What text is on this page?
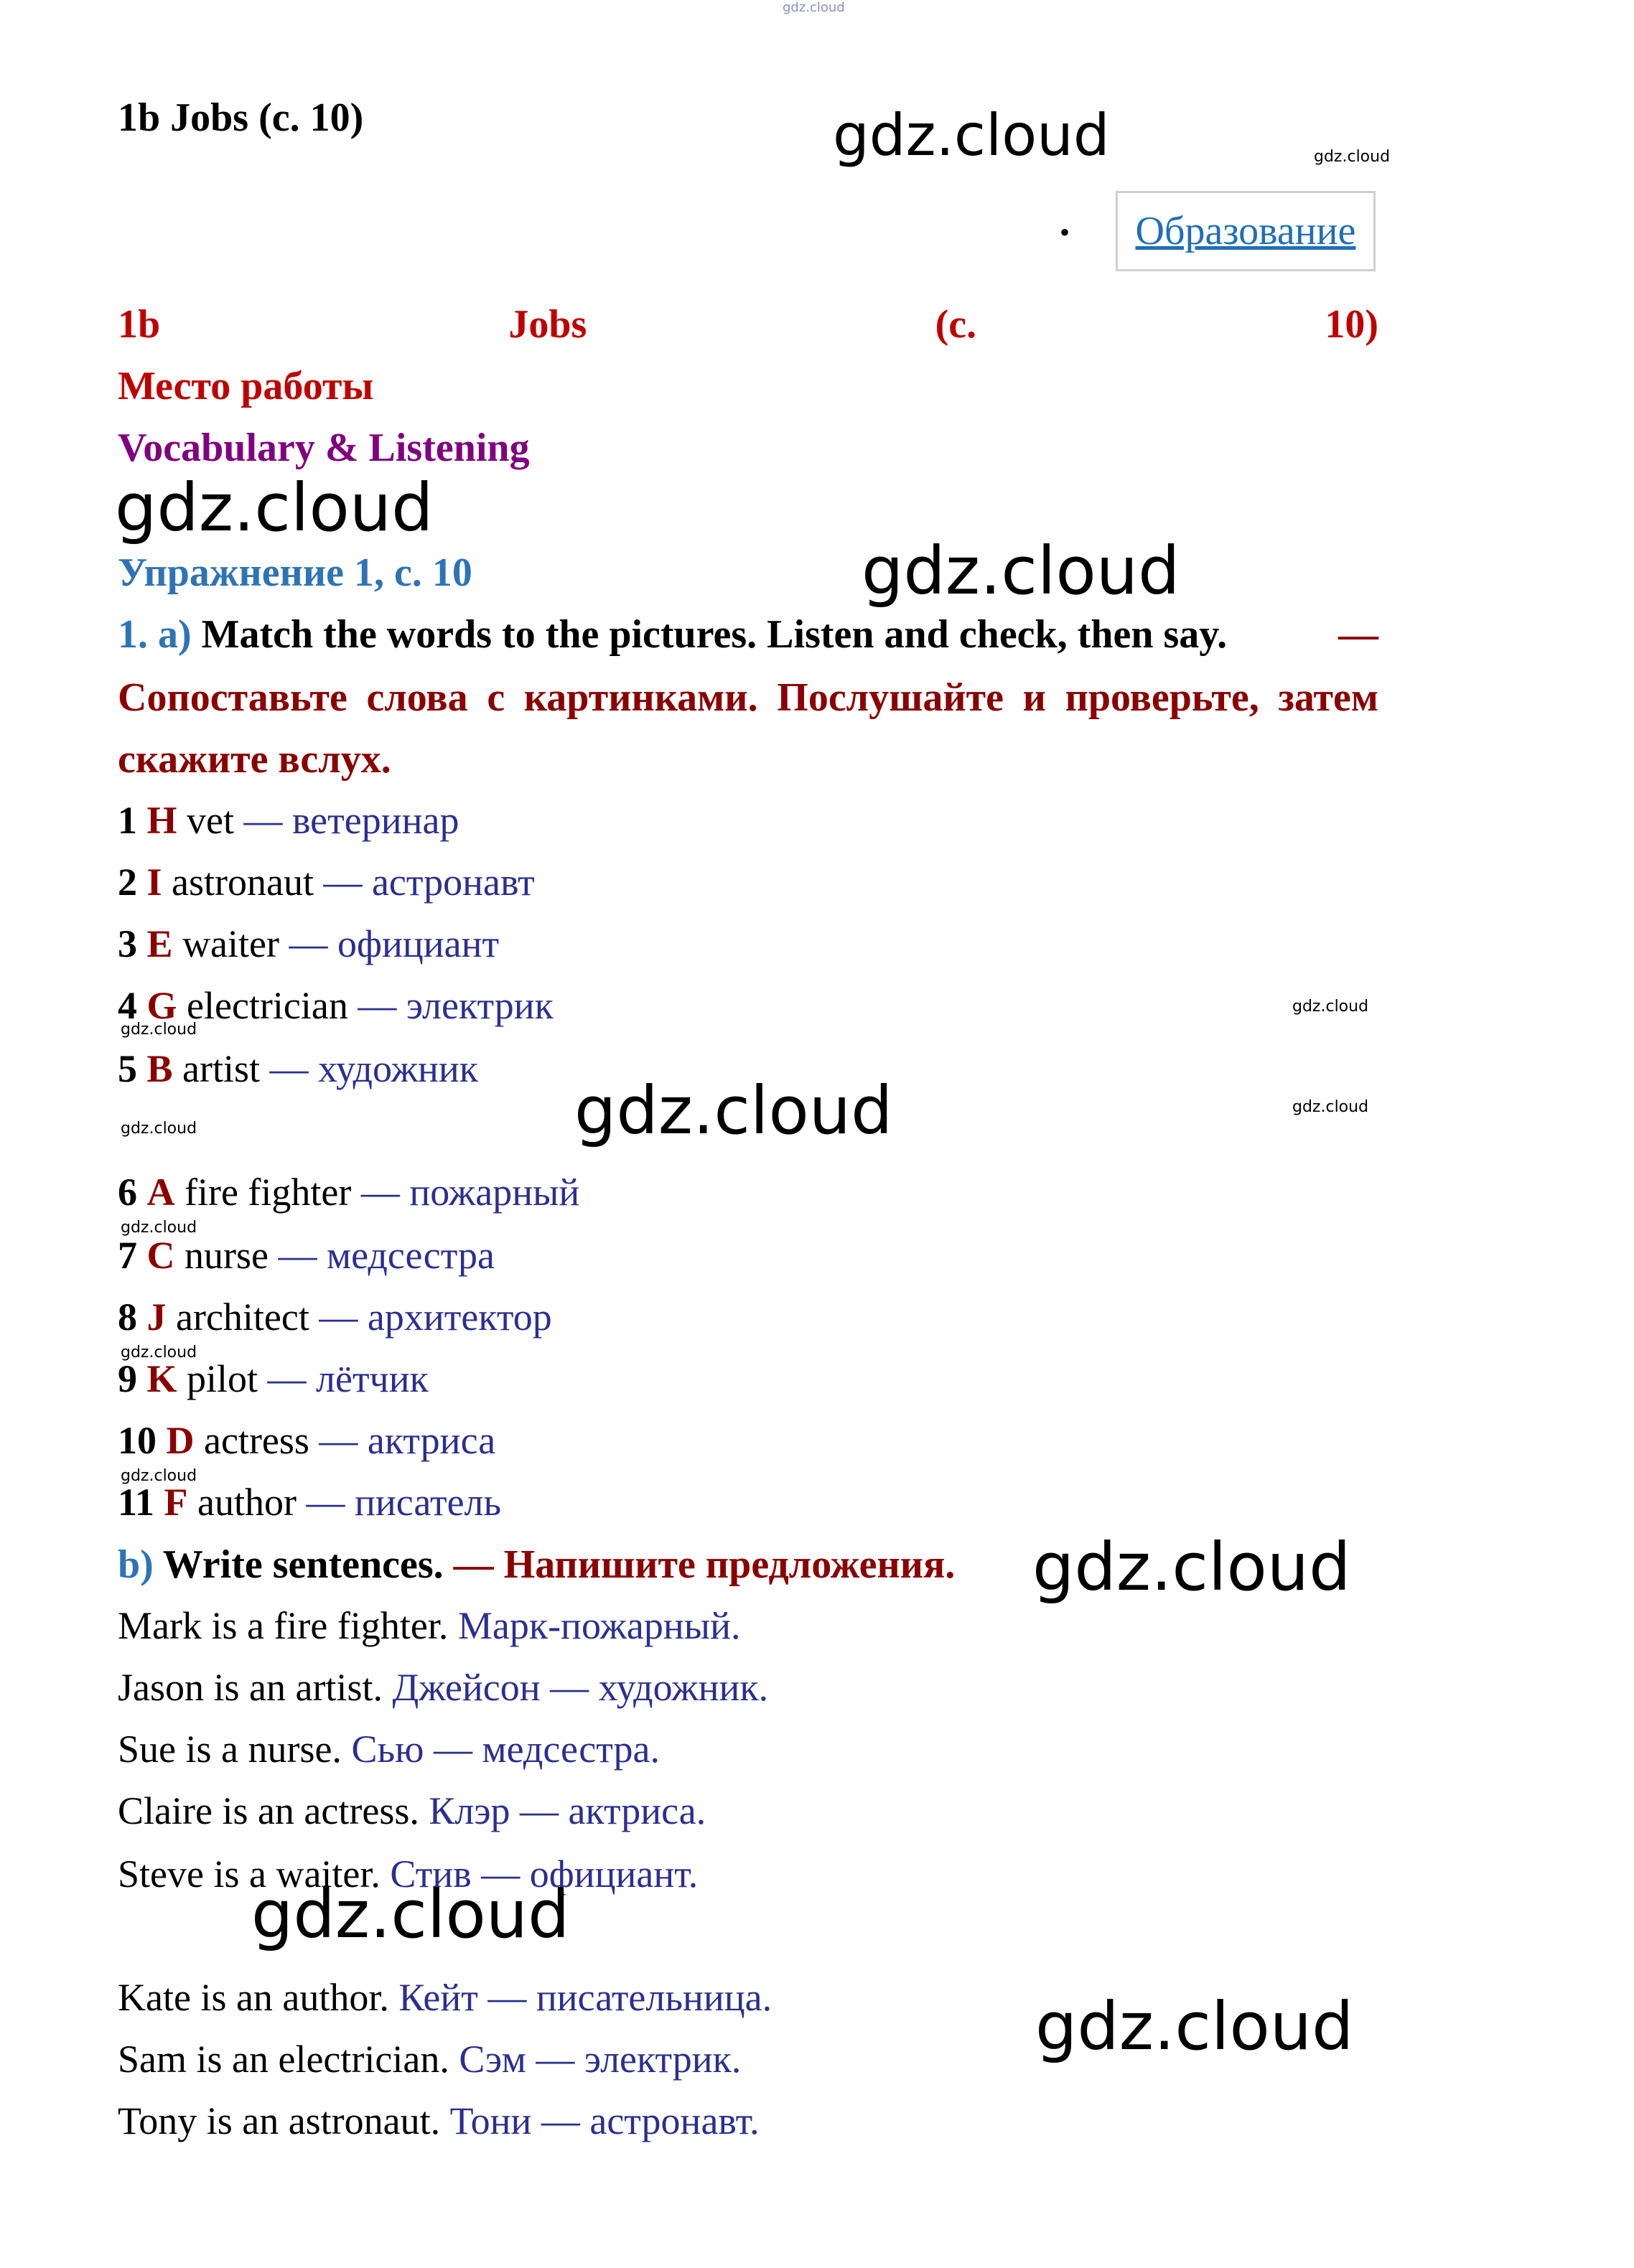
gdz.cloud
1b Jobs (с. 10)	gdz.cloud	gdz.cloud
• Образование
1b	Jobs	(c.	10)
Место работы
Vocabulary & Listening
gdz.cloud
Упражнение 1, с. 10	gdz.cloud
1. a) Match the words to the pictures. Listen and check, then say.	—
Сопоставьте слова с картинками. Послушайте и проверьте, затем
скажите вслух.
1 H vet — ветеринар
2 I astronaut — астронавт
3 E waiter — официант
4 G electrician — электрик
gdz.cloud
gdz.cloud
5 B artist — художник
gdz.cloud	gdz.cloud	gdz.cloud
6 A fire fighter — пожарный
gdz.cloud
7 C nurse — медсестра
8 J architect — архитектор
gdz.cloud
9 K pilot — лётчик
10 D actress — актриса
gdz.cloud
11 F author — писатель
b) Write sentences. — Напишите предложения. gdz.cloud
Mark is a fire fighter. Марк-пожарный.
Jason is an artist. Джейсон — художник.
Sue is a nurse. Сью — медсестра.
Claire is an actress. Клэр — актриса.
Steve is a waiter. Стив — официант.
gdz.cloud
Kate is an author. Кейт — писательница.
Sam is an electrician. Сэм — электрик.
Tony is an astronaut. Тони — астронавт.
gdz.cloud
